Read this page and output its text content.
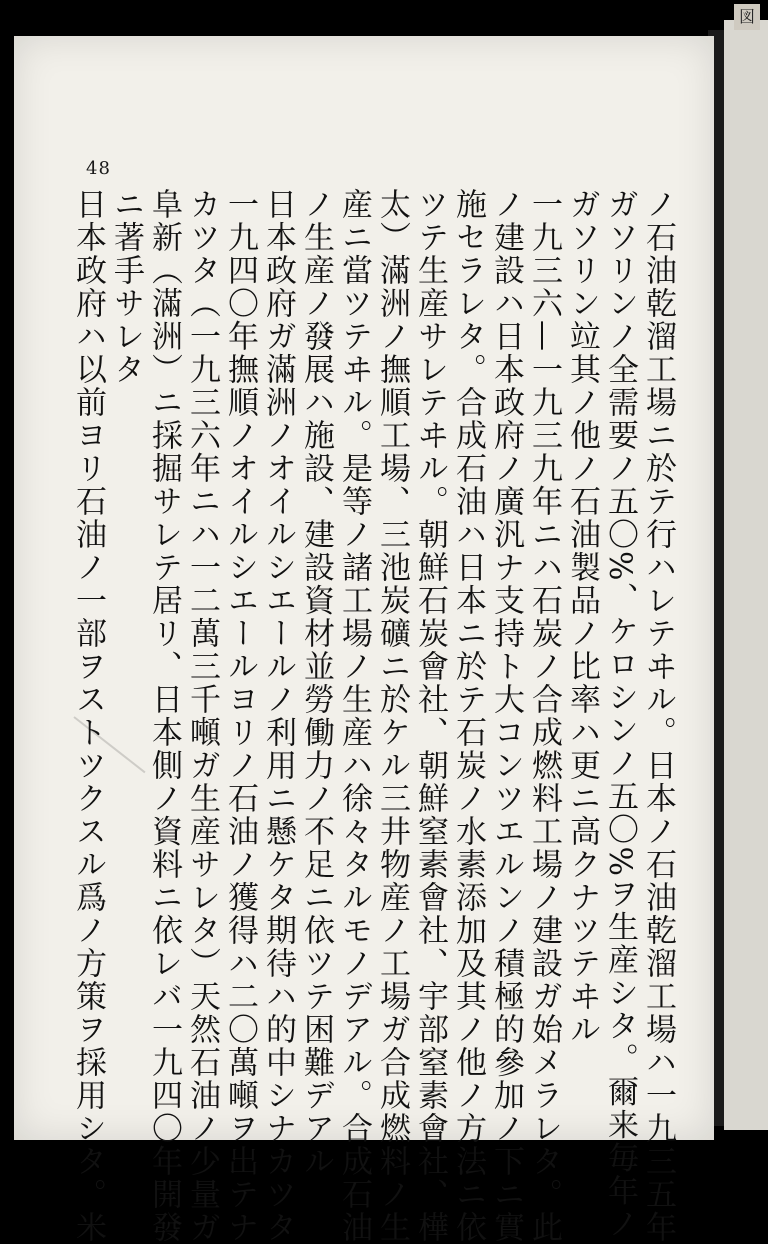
図
48
ノ石油乾溜工場ニ於テ行ハレテヰル。日本ノ石油乾溜工場ハ一九三五年
ガソリンノ全需要ノ五〇%、ケロシンノ五〇%ヲ生産シタ。爾来毎年ノ
ガソリン竝其ノ他ノ石油製品ノ比率ハ更ニ高クナツテヰル
一九三六—一九三九年ニハ石炭ノ合成燃料工場ノ建設ガ始メラレタ。此
ノ建設ハ日本政府ノ廣汎ナ支持ト大コンツエルンノ積極的參加ノ下ニ實
施セラレタ。合成石油ハ日本ニ於テ石炭ノ水素添加及其ノ他ノ方法ニ依
ツテ生産サレテヰル。朝鮮石炭會社、朝鮮窒素會社、宇部窒素會社、樺
太）滿洲ノ撫順工場、三池炭礦ニ於ケル三井物産ノ工場ガ合成燃料ノ生
産ニ當ツテヰル。是等ノ諸工場ノ生産ハ徐々タルモノデアル。合成石油
ノ生産ノ發展ハ施設、建設資材並勞働力ノ不足ニ依ツテ困難デアル
日本政府ガ滿洲ノオイルシエールノ利用ニ懸ケタ期待ハ的中シナカツタ
一九四〇年撫順ノオイルシエールヨリノ石油ノ獲得ハ二〇萬噸ヲ出テナ
カツタ（一九三六年ニハ一二萬三千噸ガ生産サレタ）天然石油ノ少量ガ
阜新（滿洲）ニ採掘サレテ居リ、日本側ノ資料ニ依レバ一九四〇年開發
ニ著手サレタ
日本政府ハ以前ヨリ石油ノ一部ヲストツクスル爲ノ方策ヲ採用シタ。米
